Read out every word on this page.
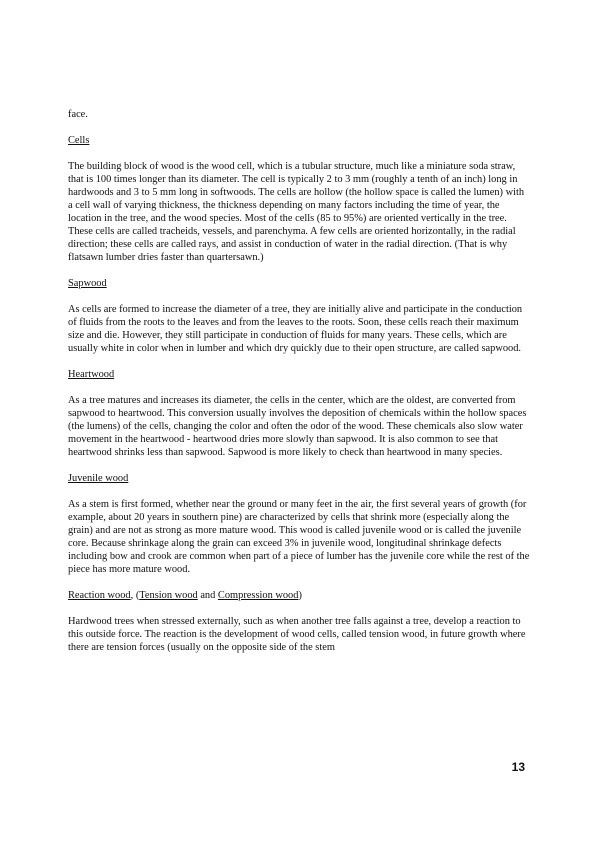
face.

Cells

The building block of wood is the wood cell, which is a tubular structure, much like a miniature soda straw, that is 100 times longer than its diameter. The cell is typically 2 to 3 mm (roughly a tenth of an inch) long in hardwoods and 3 to 5 mm long in softwoods. The cells are hollow (the hollow space is called the lumen) with a cell wall of varying thickness, the thickness depending on many factors including the time of year, the location in the tree, and the wood species. Most of the cells (85 to 95%) are oriented vertically in the tree. These cells are called tracheids, vessels, and parenchyma. A few cells are oriented horizontally, in the radial direction; these cells are called rays, and assist in conduction of water in the radial direction. (That is why flatsawn lumber dries faster than quartersawn.)

Sapwood

As cells are formed to increase the diameter of a tree, they are initially alive and participate in the conduction of fluids from the roots to the leaves and from the leaves to the roots. Soon, these cells reach their maximum size and die. However, they still participate in conduction of fluids for many years. These cells, which are usually white in color when in lumber and which dry quickly due to their open structure, are called sapwood.

Heartwood

As a tree matures and increases its diameter, the cells in the center, which are the oldest, are converted from sapwood to heartwood. This conversion usually involves the deposition of chemicals within the hollow spaces (the lumens) of the cells, changing the color and often the odor of the wood. These chemicals also slow water movement in the heartwood - heartwood dries more slowly than sapwood. It is also common to see that heartwood shrinks less than sapwood. Sapwood is more likely to check than heartwood in many species.

Juvenile wood

As a stem is first formed, whether near the ground or many feet in the air, the first several years of growth (for example, about 20 years in southern pine) are characterized by cells that shrink more (especially along the grain) and are not as strong as more mature wood. This wood is called juvenile wood or is called the juvenile core. Because shrinkage along the grain can exceed 3% in juvenile wood, longitudinal shrinkage defects including bow and crook are common when part of a piece of lumber has the juvenile core while the rest of the piece has more mature wood.

Reaction wood, (Tension wood and Compression wood)

Hardwood trees when stressed externally, such as when another tree falls against a tree, develop a reaction to this outside force. The reaction is the development of wood cells, called tension wood, in future growth where there are tension forces (usually on the opposite side of the stem

13
